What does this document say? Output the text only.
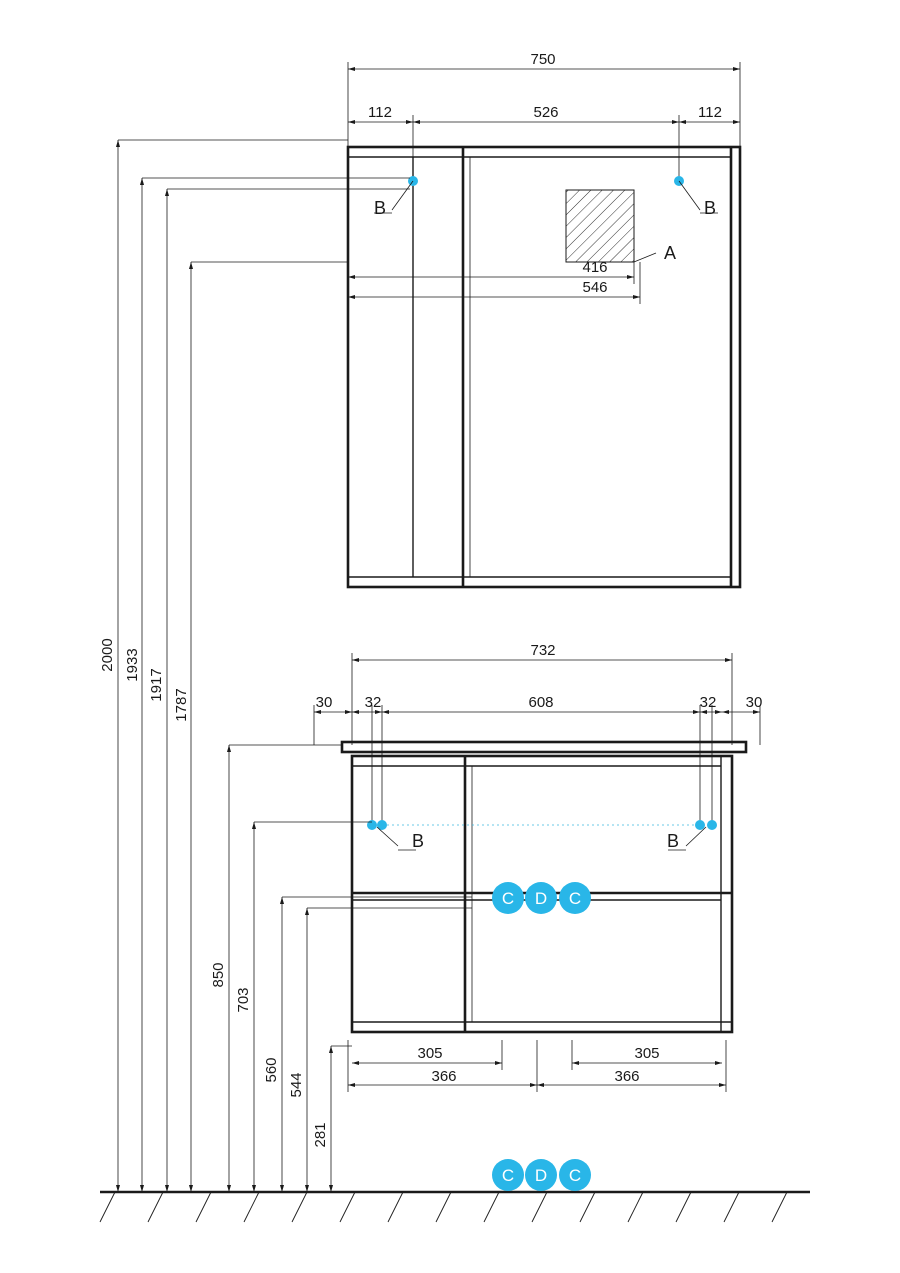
750
112	526	112
416
546
732
30 32	608	32 30
305
366
305
366
2000 1933
1917
1787
850
703
560
544
281
B	B
A
B	B
C D C
C D C
